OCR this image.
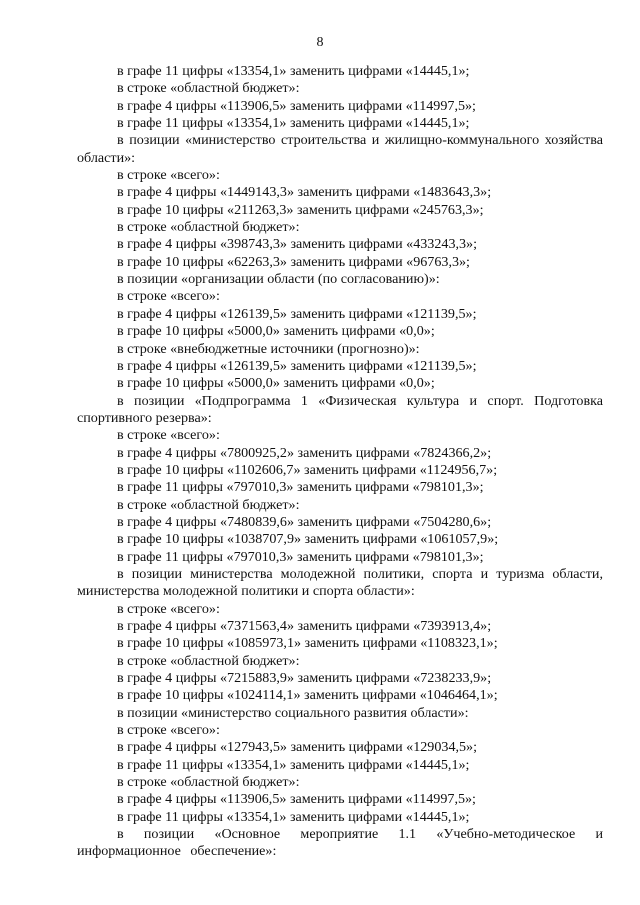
8
в графе 11 цифры «13354,1» заменить цифрами «14445,1»;
в строке «областной бюджет»:
в графе 4 цифры «113906,5» заменить цифрами «114997,5»;
в графе 11 цифры «13354,1» заменить цифрами «14445,1»;
в позиции «министерство строительства и жилищно-коммунального хозяйства области»:
в строке «всего»:
в графе 4 цифры «1449143,3» заменить цифрами «1483643,3»;
в графе 10 цифры «211263,3» заменить цифрами «245763,3»;
в строке «областной бюджет»:
в графе 4 цифры «398743,3» заменить цифрами «433243,3»;
в графе 10 цифры «62263,3» заменить цифрами «96763,3»;
в позиции «организации области (по согласованию)»:
в строке «всего»:
в графе 4 цифры «126139,5» заменить цифрами «121139,5»;
в графе 10 цифры «5000,0» заменить цифрами «0,0»;
в строке «внебюджетные источники (прогнозно)»:
в графе 4 цифры «126139,5» заменить цифрами «121139,5»;
в графе 10 цифры «5000,0» заменить цифрами «0,0»;
в позиции «Подпрограмма 1 «Физическая культура и спорт. Подготовка спортивного резерва»:
в строке «всего»:
в графе 4 цифры «7800925,2» заменить цифрами «7824366,2»;
в графе 10 цифры «1102606,7» заменить цифрами «1124956,7»;
в графе 11 цифры «797010,3» заменить цифрами «798101,3»;
в строке «областной бюджет»:
в графе 4 цифры «7480839,6» заменить цифрами «7504280,6»;
в графе 10 цифры «1038707,9» заменить цифрами «1061057,9»;
в графе 11 цифры «797010,3» заменить цифрами «798101,3»;
в позиции министерства молодежной политики, спорта и туризма области, министерства молодежной политики и спорта области»:
в строке «всего»:
в графе 4 цифры «7371563,4» заменить цифрами «7393913,4»;
в графе 10 цифры «1085973,1» заменить цифрами «1108323,1»;
в строке «областной бюджет»:
в графе 4 цифры «7215883,9» заменить цифрами «7238233,9»;
в графе 10 цифры «1024114,1» заменить цифрами «1046464,1»;
в позиции «министерство социального развития области»:
в строке «всего»:
в графе 4 цифры «127943,5» заменить цифрами «129034,5»;
в графе 11 цифры «13354,1» заменить цифрами «14445,1»;
в строке «областной бюджет»:
в графе 4 цифры «113906,5» заменить цифрами «114997,5»;
в графе 11 цифры «13354,1» заменить цифрами «14445,1»;
в позиции «Основное мероприятие 1.1 «Учебно-методическое и информационное обеспечение»:
